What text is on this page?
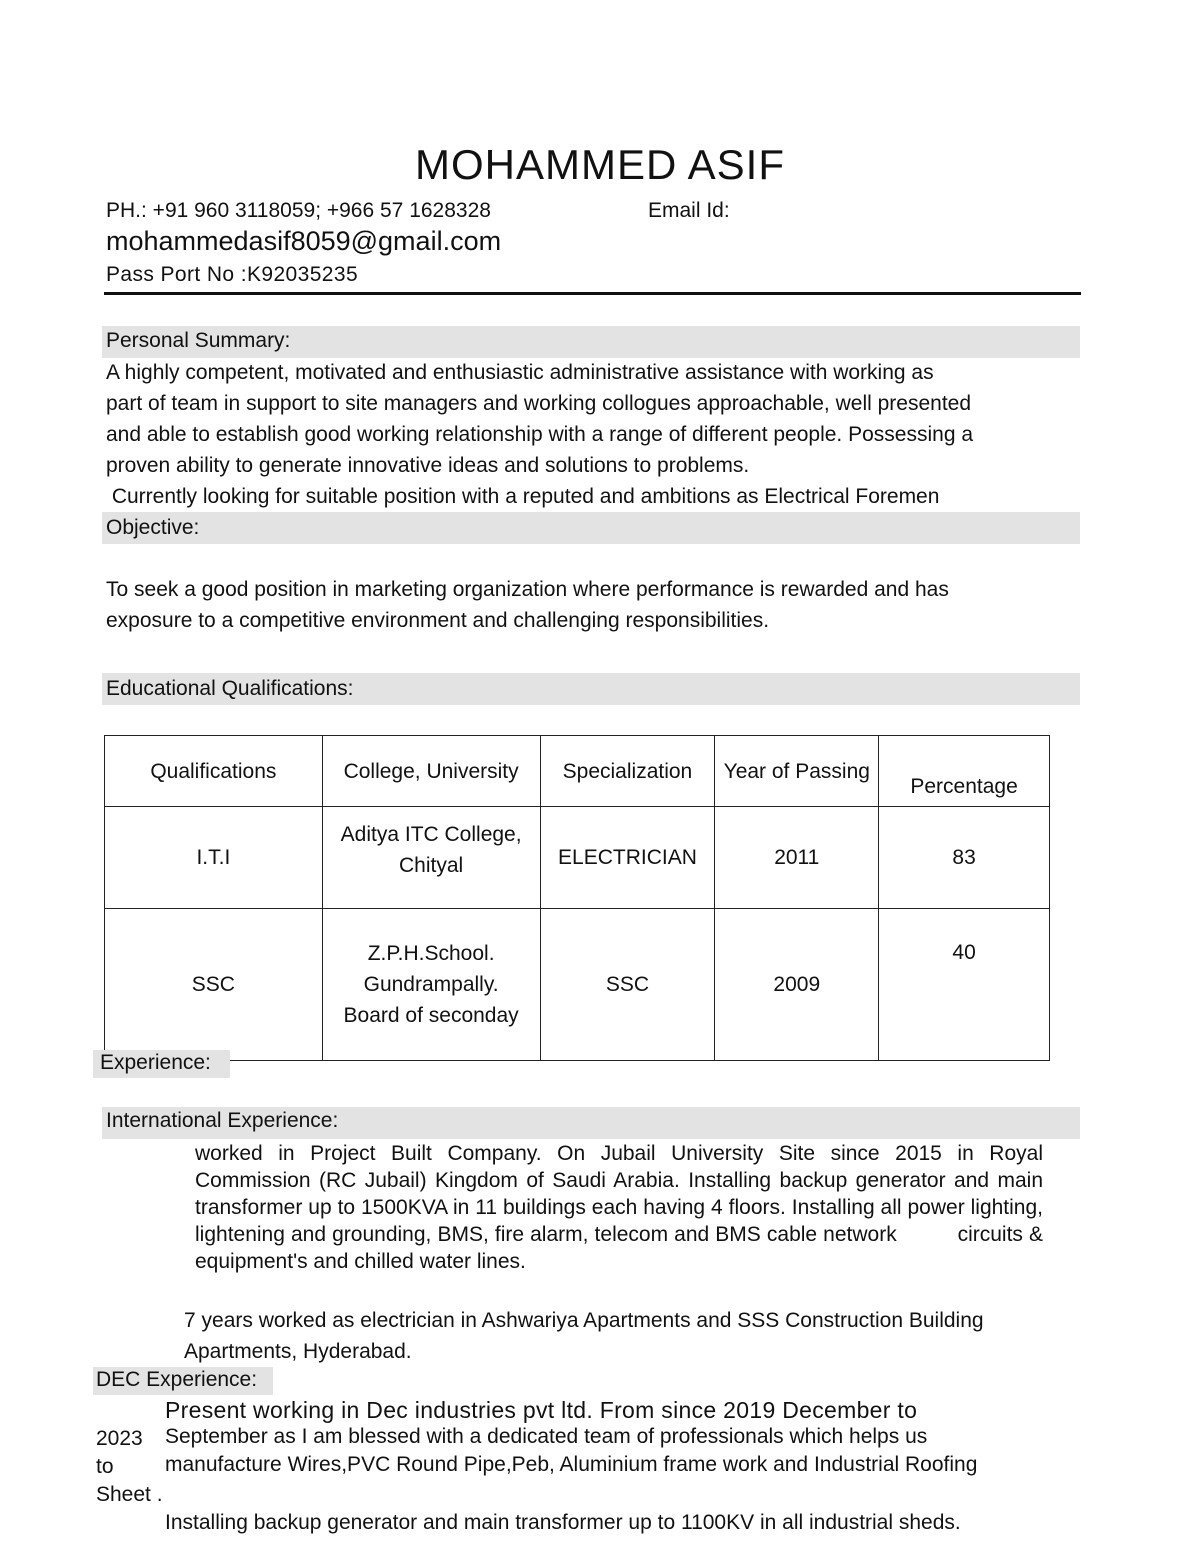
MOHAMMED ASIF
PH.: +91 960 3118059; +966 57 1628328	Email Id:
mohammedasif8059@gmail.com
Pass Port No :K92035235
Personal Summary:
A highly competent, motivated and enthusiastic administrative assistance with working as
part of team in support to site managers and working collogues approachable, well presented
and able to establish good working relationship with a range of different people. Possessing a
proven ability to generate innovative ideas and solutions to problems.
Currently looking for suitable position with a reputed and ambitions as Electrical Foremen
Objective:
To seek a good position in marketing organization where performance is rewarded and has
exposure to a competitive environment and challenging responsibilities.
Educational Qualifications:
Qualifications	College, University	Specialization	Year of Passing	Percentage
I.T.I	Aditya ITC College, Chityal	ELECTRICIAN	2011	83
SSC	Z.P.H.School. Gundrampally.
Board of seconday	SSC	2009	40
Experience:
International Experience:
worked in Project Built Company. On Jubail University Site since 2015 in Royal Commission (RC Jubail) Kingdom of Saudi Arabia. Installing backup generator and main transformer up to 1500KVA in 11 buildings each having 4 floors. Installing all power lighting, lightening and grounding, BMS, fire alarm, telecom and BMS cable network          circuits & equipment's and chilled water lines.
7 years worked as electrician in Ashwariya Apartments and SSS Construction Building Apartments, Hyderabad.
DEC Experience:
2023
to
Sheet .
Present working in Dec industries pvt ltd. From since 2019 December to
September as I am blessed with a dedicated team of professionals which helps us
manufacture Wires,PVC Round Pipe,Peb, Aluminium frame work and Industrial Roofing
Installing backup generator and main transformer up to 1100KV in all industrial sheds.
